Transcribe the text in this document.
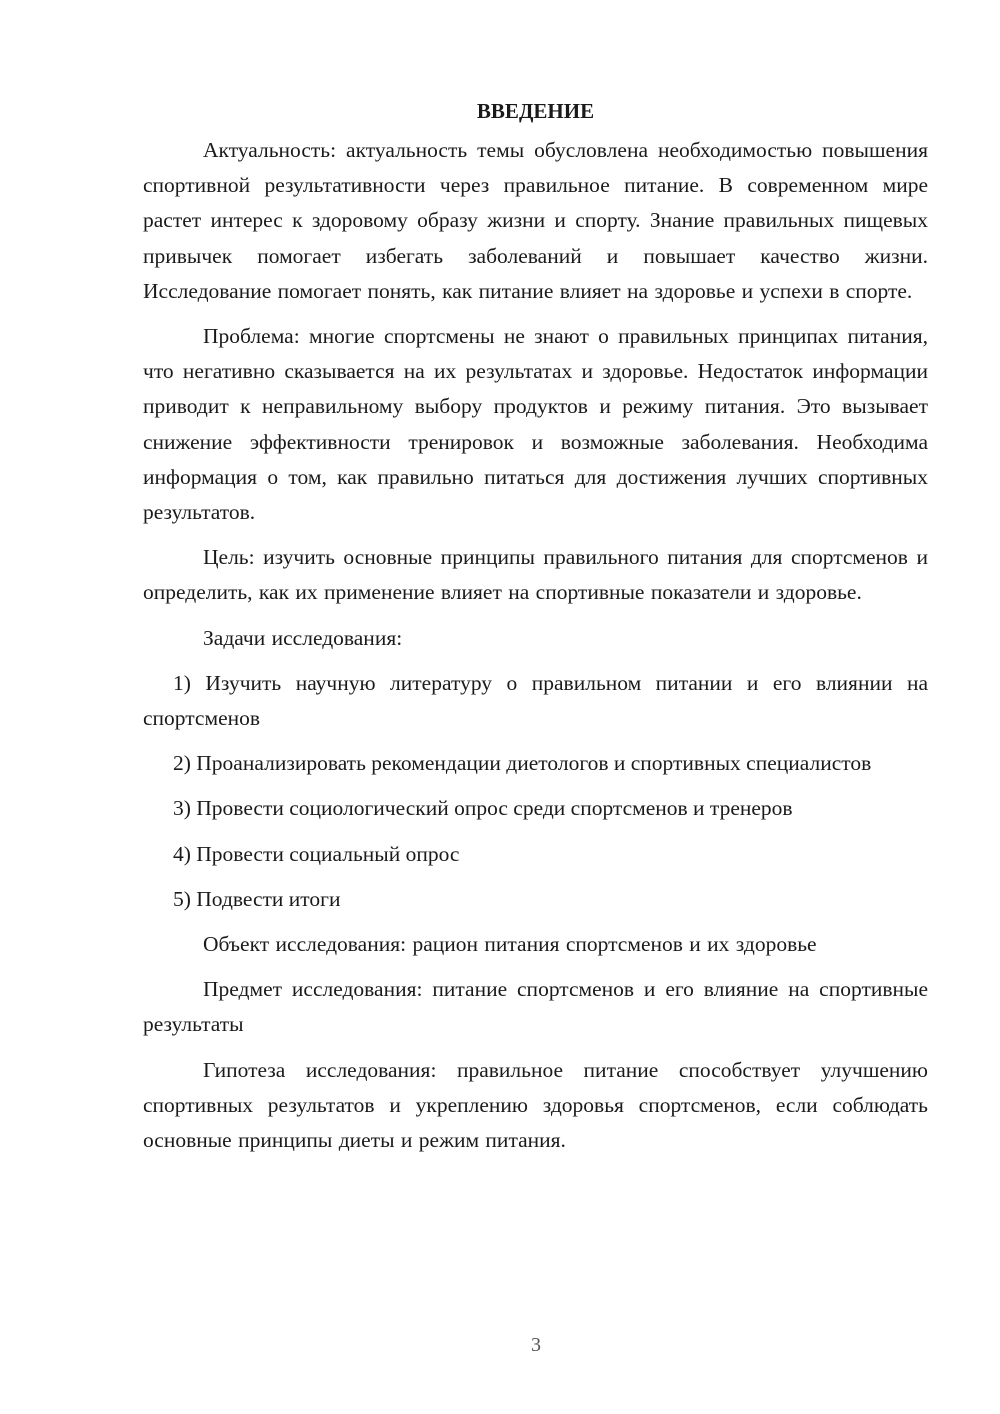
ВВЕДЕНИЕ

Актуальность: актуальность темы обусловлена необходимостью повышения спортивной результативности через правильное питание. В современном мире растет интерес к здоровому образу жизни и спорту. Знание правильных пищевых привычек помогает избегать заболеваний и повышает качество жизни. Исследование помогает понять, как питание влияет на здоровье и успехи в спорте.

Проблема: многие спортсмены не знают о правильных принципах питания, что негативно сказывается на их результатах и здоровье. Недостаток информации приводит к неправильному выбору продуктов и режиму питания. Это вызывает снижение эффективности тренировок и возможные заболевания. Необходима информация о том, как правильно питаться для достижения лучших спортивных результатов.

Цель: изучить основные принципы правильного питания для спортсменов и определить, как их применение влияет на спортивные показатели и здоровье.

Задачи исследования:

1) Изучить научную литературу о правильном питании и его влиянии на спортсменов

2) Проанализировать рекомендации диетологов и спортивных специалистов

3) Провести социологический опрос среди спортсменов и тренеров

4) Провести социальный опрос

5) Подвести итоги

Объект исследования: рацион питания спортсменов и их здоровье

Предмет исследования: питание спортсменов и его влияние на спортивные результаты

Гипотеза исследования: правильное питание способствует улучшению спортивных результатов и укреплению здоровья спортсменов, если соблюдать основные принципы диеты и режим питания.

3
